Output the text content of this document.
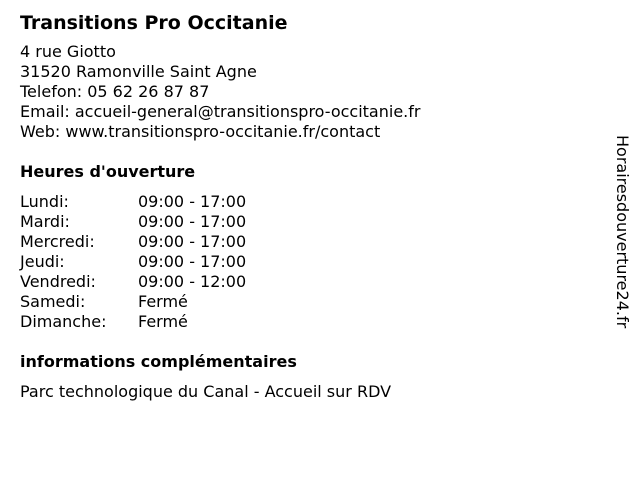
Transitions Pro Occitanie
4 rue Giotto
31520 Ramonville Saint Agne
Telefon: 05 62 26 87 87
Email: accueil-general@transitionspro-occitanie.fr
Web: www.transitionspro-occitanie.fr/contact
Heures d'ouverture
Lundi:	09:00 - 17:00
Mardi:	09:00 - 17:00
Mercredi:	09:00 - 17:00
Jeudi:	09:00 - 17:00
Vendredi:	09:00 - 12:00
Samedi:	Fermé
Dimanche:	Fermé
informations complémentaires
Parc technologique du Canal - Accueil sur RDV
Horairesdouverture24.fr
